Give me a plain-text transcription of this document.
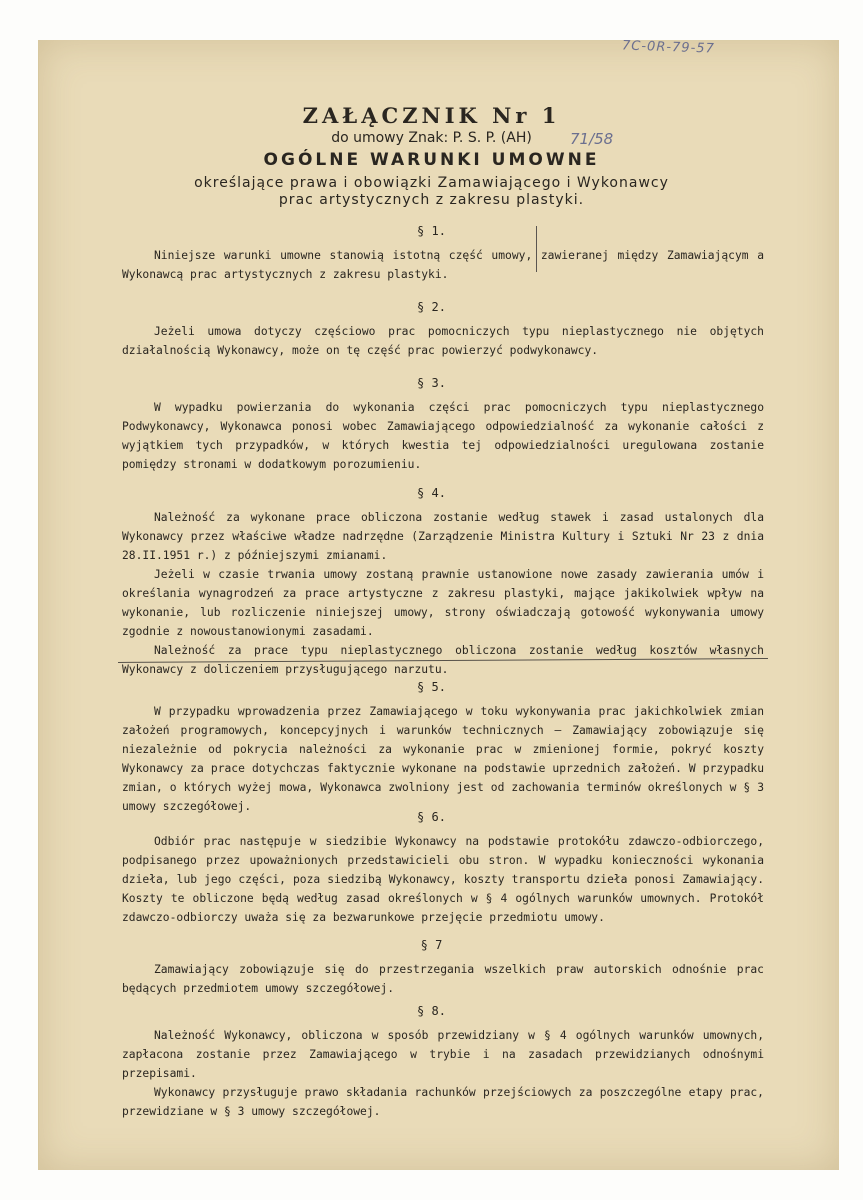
7C-0R-79-57
ZAŁĄCZNIK Nr 1
do umowy Znak: P. S. P. (AH)	71/58
OGÓLNE WARUNKI UMOWNE
określające prawa i obowiązki Zamawiającego i Wykonawcy
prac artystycznych z zakresu plastyki.
§ 1.

Niniejsze warunki umowne stanowią istotną część umowy, zawieranej między Zamawiającym a Wykonawcą prac artystycznych z zakresu plastyki.

§ 2.

Jeżeli umowa dotyczy częściowo prac pomocniczych typu nieplastycznego nie objętych działalnością Wykonawcy, może on tę część prac powierzyć podwykonawcy.

§ 3.

W wypadku powierzania do wykonania części prac pomocniczych typu nieplastycznego Podwykonawcy, Wykonawca ponosi wobec Zamawiającego odpowiedzialność za wykonanie całości z wyjątkiem tych przypadków, w których kwestia tej odpowiedzialności uregulowana zostanie pomiędzy stronami w dodatkowym porozumieniu.

§ 4.

Należność za wykonane prace obliczona zostanie według stawek i zasad ustalonych dla Wykonawcy przez właściwe władze nadrzędne (Zarządzenie Ministra Kultury i Sztuki Nr 23 z dnia 28.II.1951 r.) z późniejszymi zmianami.

Jeżeli w czasie trwania umowy zostaną prawnie ustanowione nowe zasady zawierania umów i określania wynagrodzeń za prace artystyczne z zakresu plastyki, mające jakikolwiek wpływ na wykonanie, lub rozliczenie niniejszej umowy, strony oświadczają gotowość wykonywania umowy zgodnie z nowoustanowionymi zasadami.

Należność za prace typu nieplastycznego obliczona zostanie według kosztów własnych Wykonawcy z doliczeniem przysługującego narzutu.

§ 5.

W przypadku wprowadzenia przez Zamawiającego w toku wykonywania prac jakichkolwiek zmian założeń programowych, koncepcyjnych i warunków technicznych — Zamawiający zobowiązuje się niezależnie od pokrycia należności za wykonanie prac w zmienionej formie, pokryć koszty Wykonawcy za prace dotychczas faktycznie wykonane na podstawie uprzednich założeń. W przypadku zmian, o których wyżej mowa, Wykonawca zwolniony jest od zachowania terminów określonych w § 3 umowy szczegółowej.

§ 6.

Odbiór prac następuje w siedzibie Wykonawcy na podstawie protokółu zdawczo-odbiorczego, podpisanego przez upoważnionych przedstawicieli obu stron. W wypadku konieczności wykonania dzieła, lub jego części, poza siedzibą Wykonawcy, koszty transportu dzieła ponosi Zamawiający. Koszty te obliczone będą według zasad określonych w § 4 ogólnych warunków umownych. Protokół zdawczo-odbiorczy uważa się za bezwarunkowe przejęcie przedmiotu umowy.

§ 7

Zamawiający zobowiązuje się do przestrzegania wszelkich praw autorskich odnośnie prac będących przedmiotem umowy szczegółowej.

§ 8.

Należność Wykonawcy, obliczona w sposób przewidziany w § 4 ogólnych warunków umownych, zapłacona zostanie przez Zamawiającego w trybie i na zasadach przewidzianych odnośnymi przepisami.

Wykonawcy przysługuje prawo składania rachunków przejściowych za poszczególne etapy prac, przewidziane w § 3 umowy szczegółowej.
